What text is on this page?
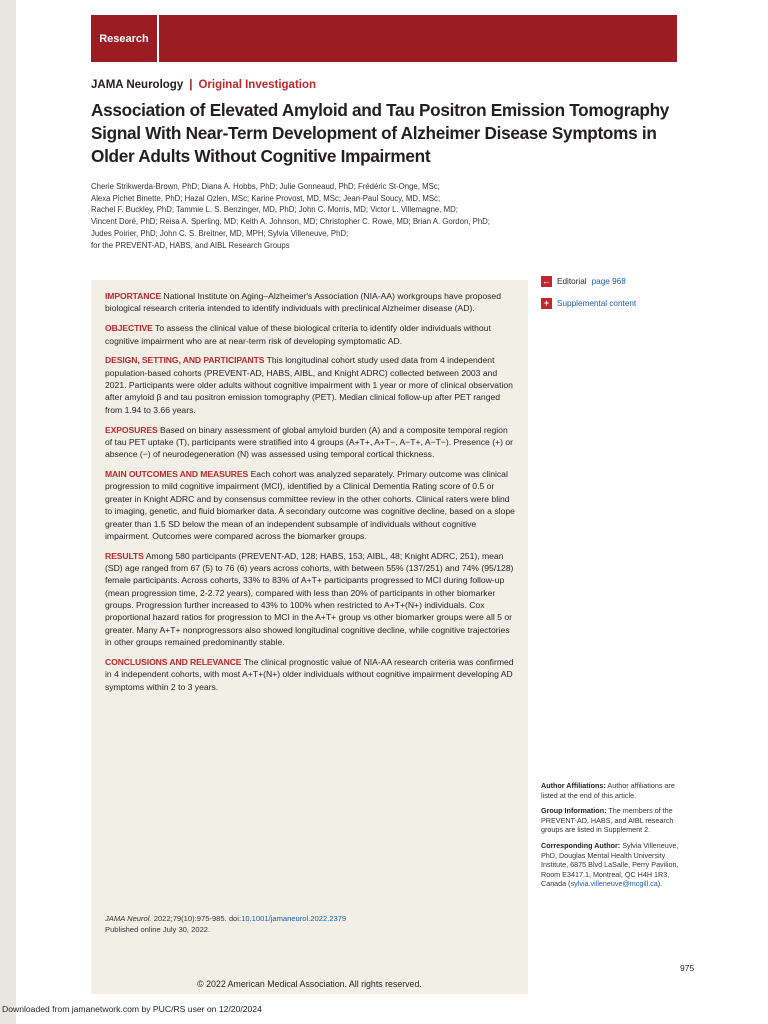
Research
JAMA Neurology | Original Investigation
Association of Elevated Amyloid and Tau Positron Emission Tomography Signal With Near-Term Development of Alzheimer Disease Symptoms in Older Adults Without Cognitive Impairment
Cherie Strikwerda-Brown, PhD; Diana A. Hobbs, PhD; Julie Gonneaud, PhD; Frédéric St-Onge, MSc;
Alexa Pichet Binette, PhD; Hazal Ozlen, MSc; Karine Provost, MD, MSc; Jean-Paul Soucy, MD, MSc;
Rachel F. Buckley, PhD; Tammie L. S. Benzinger, MD, PhD; John C. Morris, MD; Victor L. Villemagne, MD;
Vincent Doré, PhD; Reisa A. Sperling, MD; Keith A. Johnson, MD; Christopher C. Rowe, MD; Brian A. Gordon, PhD;
Judes Poirier, PhD; John C. S. Breitner, MD, MPH; Sylvia Villeneuve, PhD;
for the PREVENT-AD, HABS, and AIBL Research Groups
← Editorial page 968
+ Supplemental content

IMPORTANCE National Institute on Aging–Alzheimer's Association (NIA-AA) workgroups have proposed biological research criteria intended to identify individuals with preclinical Alzheimer disease (AD).

OBJECTIVE To assess the clinical value of these biological criteria to identify older individuals without cognitive impairment who are at near-term risk of developing symptomatic AD.

DESIGN, SETTING, AND PARTICIPANTS This longitudinal cohort study used data from 4 independent population-based cohorts (PREVENT-AD, HABS, AIBL, and Knight ADRC) collected between 2003 and 2021. Participants were older adults without cognitive impairment with 1 year or more of clinical observation after amyloid β and tau positron emission tomography (PET). Median clinical follow-up after PET ranged from 1.94 to 3.66 years.

EXPOSURES Based on binary assessment of global amyloid burden (A) and a composite temporal region of tau PET uptake (T), participants were stratified into 4 groups (A+T+, A+T−, A−T+, A−T−). Presence (+) or absence (−) of neurodegeneration (N) was assessed using temporal cortical thickness.

MAIN OUTCOMES AND MEASURES Each cohort was analyzed separately. Primary outcome was clinical progression to mild cognitive impairment (MCI), identified by a Clinical Dementia Rating score of 0.5 or greater in Knight ADRC and by consensus committee review in the other cohorts. Clinical raters were blind to imaging, genetic, and fluid biomarker data. A secondary outcome was cognitive decline, based on a slope greater than 1.5 SD below the mean of an independent subsample of individuals without cognitive impairment. Outcomes were compared across the biomarker groups.

RESULTS Among 580 participants (PREVENT-AD, 128; HABS, 153; AIBL, 48; Knight ADRC, 251), mean (SD) age ranged from 67 (5) to 76 (6) years across cohorts, with between 55% (137/251) and 74% (95/128) female participants. Across cohorts, 33% to 83% of A+T+ participants progressed to MCI during follow-up (mean progression time, 2-2.72 years), compared with less than 20% of participants in other biomarker groups. Progression further increased to 43% to 100% when restricted to A+T+(N+) individuals. Cox proportional hazard ratios for progression to MCI in the A+T+ group vs other biomarker groups were all 5 or greater. Many A+T+ nonprogressors also showed longitudinal cognitive decline, while cognitive trajectories in other groups remained predominantly stable.

CONCLUSIONS AND RELEVANCE The clinical prognostic value of NIA-AA research criteria was confirmed in 4 independent cohorts, with most A+T+(N+) older individuals without cognitive impairment developing AD symptoms within 2 to 3 years.

JAMA Neurol. 2022;79(10):975-985. doi:10.1001/jamaneurol.2022.2379
Published online July 30, 2022.
© 2022 American Medical Association. All rights reserved.
Author Affiliations: Author affiliations are listed at the end of this article.
Group Information: The members of the PREVENT-AD, HABS, and AIBL research groups are listed in Supplement 2.
Corresponding Author: Sylvia Villeneuve, PhD, Douglas Mental Health University Institute, 6875 Blvd LaSalle, Perry Pavilion, Room E3417.1, Montreal, QC H4H 1R3, Canada (sylvia.villeneuve@mcgill.ca).
975
Downloaded from jamanetwork.com by PUC/RS user on 12/20/2024
